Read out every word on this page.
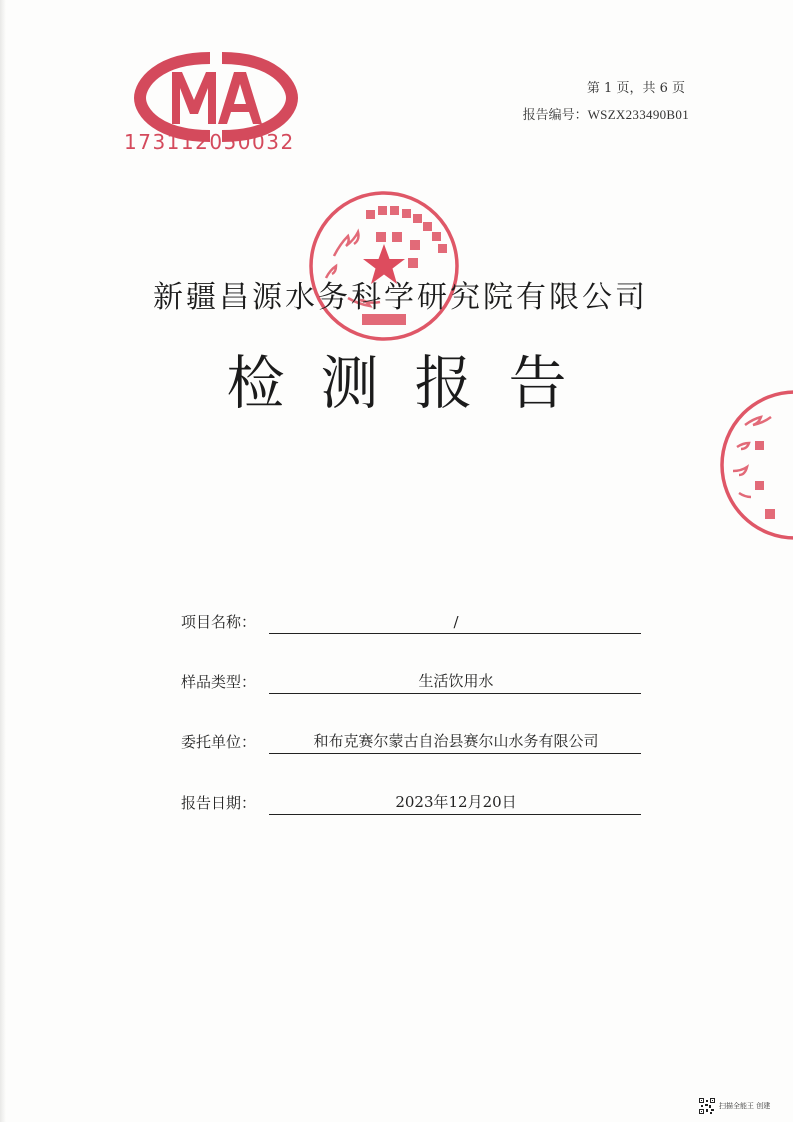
173112050032
第 1 页，共 6 页
报告编号：WSZX233490B01
新疆昌源水务科学研究院有限公司
检测报告
项目名称：	/
样品类型：	生活饮用水
委托单位：	和布克赛尔蒙古自治县赛尔山水务有限公司
报告日期：	2023年12月20日
扫描全能王 创建
